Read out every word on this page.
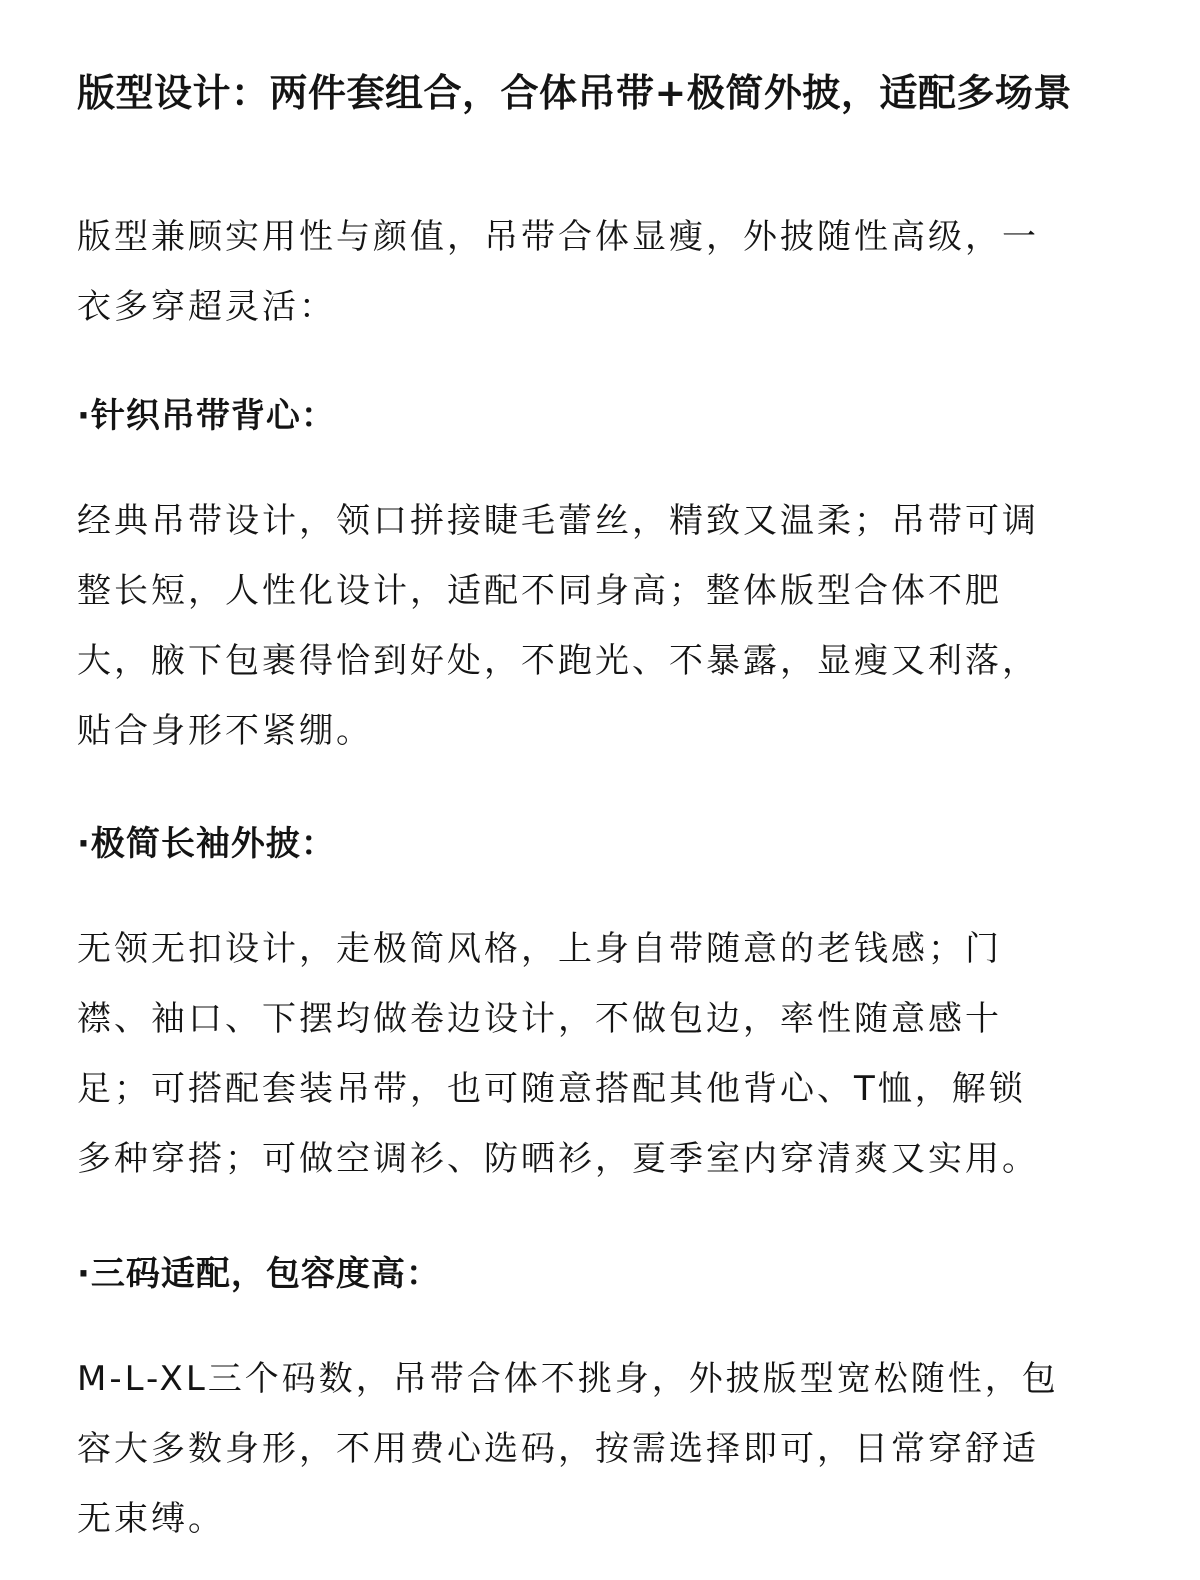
版型设计：两件套组合，合体吊带+极简外披，适配多场景

版型兼顾实用性与颜值，吊带合体显瘦，外披随性高级，一
衣多穿超灵活：

·针织吊带背心：

经典吊带设计，领口拼接睫毛蕾丝，精致又温柔；吊带可调
整长短，人性化设计，适配不同身高；整体版型合体不肥
大，腋下包裹得恰到好处，不跑光、不暴露，显瘦又利落，
贴合身形不紧绷。

·极简长袖外披：

无领无扣设计，走极简风格，上身自带随意的老钱感；门
襟、袖口、下摆均做卷边设计，不做包边，率性随意感十
足；可搭配套装吊带，也可随意搭配其他背心、T恤，解锁
多种穿搭；可做空调衫、防晒衫，夏季室内穿清爽又实用。

·三码适配，包容度高：

M-L-XL三个码数，吊带合体不挑身，外披版型宽松随性，包
容大多数身形，不用费心选码，按需选择即可，日常穿舒适
无束缚。
